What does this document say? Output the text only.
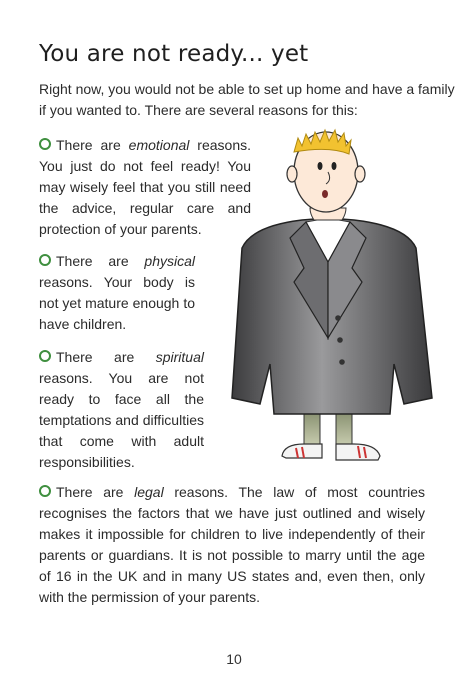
You are not ready... yet

Right now, you would not be able to set up home and have a family if you wanted to. There are several reasons for this:

There are emotional reasons. You just do not feel ready! You may wisely feel that you still need the advice, regular care and protection of your parents.

There are physical reasons. Your body is not yet mature enough to have children.

There are spiritual reasons. You are not ready to face all the temptations and difficulties that come with adult responsibilities.

There are legal reasons. The law of most countries recognises the factors that we have just outlined and wisely makes it impossible for children to live independently of their parents or guardians. It is not possible to marry until the age of 16 in the UK and in many US states and, even then, only with the permission of your parents.

10
